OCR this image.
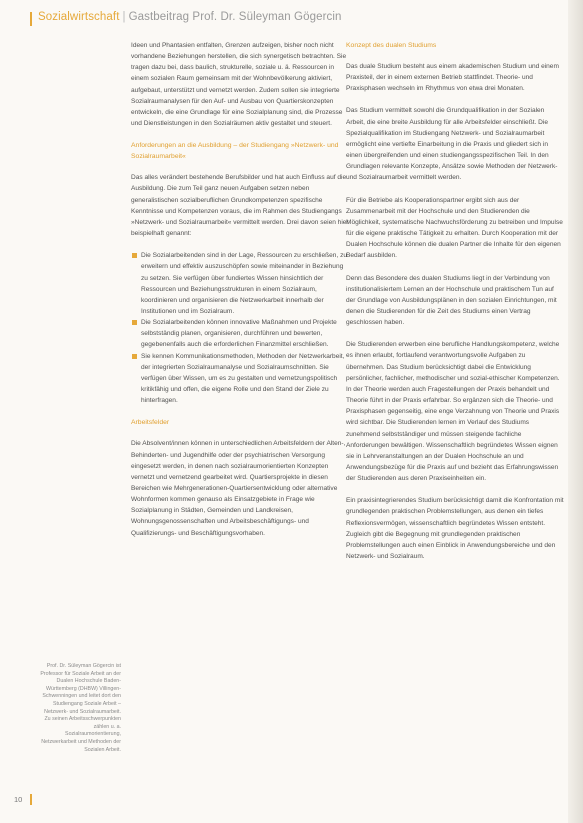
Sozialwirtschaft | Gastbeitrag Prof. Dr. Süleyman Gögercin

Ideen und Phantasien entfalten, Grenzen aufzeigen, bisher noch nicht vorhandene Beziehungen herstellen, die sich synergetisch betrachten. Sie tragen dazu bei, dass baulich, strukturelle, soziale u. ä. Ressourcen in einem sozialen Raum gemeinsam mit der Wohnbevölkerung aktiviert, aufgebaut, unterstützt und vernetzt werden. Zudem sollen sie integrierte Sozialraumanalysen für den Auf- und Ausbau von Quartierskonzepten entwickeln, die eine Grundlage für eine Sozialplanung sind, die Prozesse und Dienstleistungen in den Sozialräumen aktiv gestaltet und steuert.

Anforderungen an die Ausbildung – der Studiengang »Netzwerk- und Sozialraumarbeit«

Das alles verändert bestehende Berufsbilder und hat auch Einfluss auf die Ausbildung. Die zum Teil ganz neuen Aufgaben setzen neben generalistischen sozialberuflichen Grundkompetenzen spezifische Kenntnisse und Kompetenzen voraus, die im Rahmen des Studiengangs »Netzwerk- und Sozialraumarbeit« vermittelt werden. Drei davon seien hier beispielhaft genannt:

Die Sozialarbeitenden sind in der Lage, Ressourcen zu erschließen, zu erweitern und effektiv auszuschöpfen sowie miteinander in Beziehung zu setzen. Sie verfügen über fundiertes Wissen hinsichtlich der Ressourcen und Beziehungsstrukturen in einem Sozialraum, koordinieren und organisieren die Netzwerkarbeit innerhalb der Institutionen und im Sozialraum.
Die Sozialarbeitenden können innovative Maßnahmen und Projekte selbstständig planen, organisieren, durchführen und bewerten, gegebenenfalls auch die erforderlichen Finanzmittel erschließen.
Sie kennen Kommunikationsmethoden, Methoden der Netzwerkarbeit, der integrierten Sozialraumanalyse und Sozialraumschnitten. Sie verfügen über Wissen, um es zu gestalten und vernetzungspolitisch kritikfähig und offen, die eigene Rolle und den Stand der Ziele zu hinterfragen.
Arbeitsfelder

Die Absolvent/innen können in unterschiedlichen Arbeitsfeldern der Alten-, Behinderten- und Jugendhilfe oder der psychiatrischen Versorgung eingesetzt werden, in denen nach sozialraumorientierten Konzepten vernetzt und vernetzend gearbeitet wird. Quartiersprojekte in diesen Bereichen wie Mehrgenerationen-Quartiersentwicklung oder alternative Wohnformen kommen genauso als Einsatzgebiete in Frage wie Sozialplanung in Städten, Gemeinden und Landkreisen, Wohnungsgenossenschaften und Arbeitsbeschäftigungs- und Qualifizierungs- und Beschäftigungsvorhaben.

Konzept des dualen Studiums

Das duale Studium besteht aus einem akademischen Studium und einem Praxisteil, der in einem externen Betrieb stattfindet. Theorie- und Praxisphasen wechseln im Rhythmus von etwa drei Monaten.

Das Studium vermittelt sowohl die Grundqualifikation in der Sozialen Arbeit, die eine breite Ausbildung für alle Arbeitsfelder einschließt. Die Spezialqualifikation im Studiengang Netzwerk- und Sozialraumarbeit ermöglicht eine vertiefte Einarbeitung in die Praxis und gliedert sich in einen übergreifenden und einen studiengangsspezifischen Teil. In den Grundlagen relevante Konzepte, Ansätze sowie Methoden der Netzwerk- und Sozialraumarbeit vermittelt werden.

Für die Betriebe als Kooperationspartner ergibt sich aus der Zusammenarbeit mit der Hochschule und den Studierenden die Möglichkeit, systematische Nachwuchsförderung zu betreiben und Impulse für die eigene praktische Tätigkeit zu erhalten. Durch Kooperation mit der Dualen Hochschule können die dualen Partner die Inhalte für den eigenen Bedarf ausbilden.

Denn das Besondere des dualen Studiums liegt in der Verbindung von institutionalisiertem Lernen an der Hochschule und praktischem Tun auf der Grundlage von Ausbildungsplänen in den sozialen Einrichtungen, mit denen die Studierenden für die Zeit des Studiums einen Vertrag geschlossen haben.

Die Studierenden erwerben eine berufliche Handlungskompetenz, welche es ihnen erlaubt, fortlaufend verantwortungsvolle Aufgaben zu übernehmen. Das Studium berücksichtigt dabei die Entwicklung persönlicher, fachlicher, methodischer und sozial-ethischer Kompetenzen. In der Theorie werden auch Fragestellungen der Praxis behandelt und Theorie führt in der Praxis erfahrbar. So ergänzen sich die Theorie- und Praxisphasen gegenseitig, eine enge Verzahnung von Theorie und Praxis wird sichtbar. Die Studierenden lernen im Verlauf des Studiums zunehmend selbstständiger und müssen steigende fachliche Anforderungen bewältigen. Wissenschaftlich begründetes Wissen eignen sie in Lehrveranstaltungen an der Dualen Hochschule an und Anwendungsbezüge für die Praxis auf und bezieht das Erfahrungswissen der Studierenden aus deren Praxiseinheiten ein.

Ein praxisintegrierendes Studium berücksichtigt damit die Konfrontation mit grundlegenden praktischen Problemstellungen, aus denen ein tiefes Reflexionsvermögen, wissenschaftlich begründetes Wissen entsteht. Zugleich gibt die Begegnung mit grundlegenden praktischen Problemstellungen auch einen Einblick in Anwendungsbereiche und den Netzwerk- und Sozialraum.

Prof. Dr. Süleyman Gögercin ist Professor für Soziale Arbeit an der Dualen Hochschule Baden-Württemberg (DHBW) Villingen-Schwenningen und leitet dort den Studiengang Soziale Arbeit – Netzwerk- und Sozialraumarbeit. Zu seinen Arbeitsschwerpunkten zählen u. a. Sozialraumorientierung, Netzwerkarbeit und Methoden der Sozialen Arbeit.
10
